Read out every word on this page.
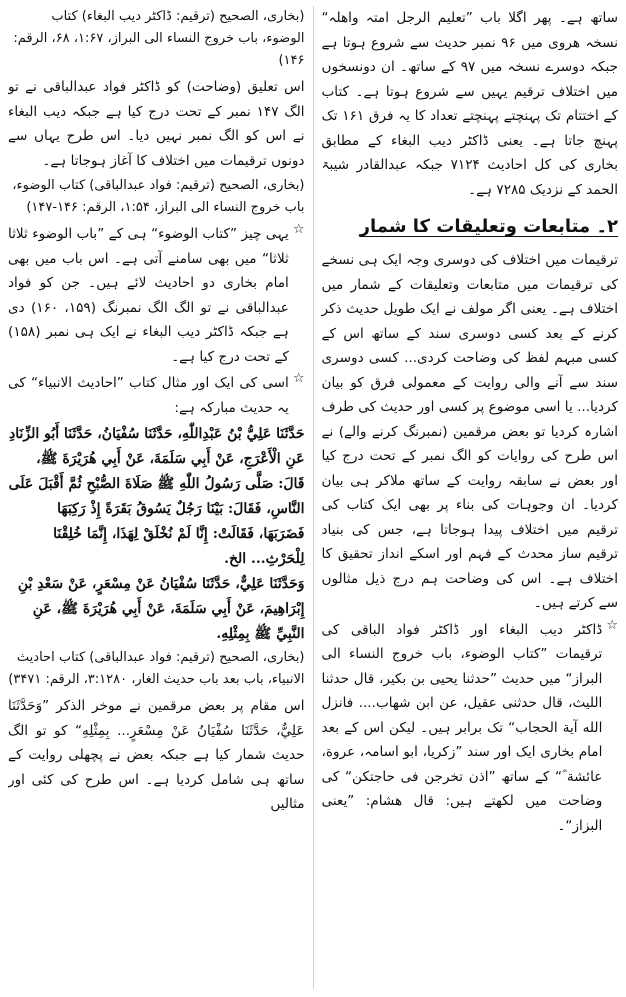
ساتھ ہے۔ پھر اگلا باب ”تعلیم الرجل امتہ واھلہ“ نسخہ هروی میں ۹۶ نمبر حدیث سے شروع ہوتا ہے جبکہ دوسرے نسخہ میں ۹۷ کے ساتھ۔ ان دونسخوں میں اختلاف ترقیم یہیں سے شروع ہوتا ہے۔ کتاب کے اختتام تک پہنچتے پہنچتے تعداد کا یہ فرق ۱۶۱ تک پہنچ جاتا ہے۔ یعنی ڈاکٹر دیب البغاء کے مطابق بخاری کی کل احادیث ۷۱۲۴ جبکہ عبدالقادر شیبۃ الحمد کے نزدیک ۷۲۸۵ ہے۔

۲۔ متابعات وتعلیقات کا شمار

ترقیمات میں اختلاف کی دوسری وجہ ایک ہی نسخے کی ترقیمات میں متابعات وتعلیقات کے شمار میں اختلاف ہے۔ یعنی اگر مولف نے ایک طویل حدیث ذکر کرنے کے بعد کسی دوسری سند کے ساتھ اس کے کسی مبہم لفظ کی وضاحت کردی... کسی دوسری سند سے آنے والی روایت کے معمولی فرق کو بیان کردیا... یا اسی موضوع پر کسی اور حدیث کی طرف اشارہ کردیا تو بعض مرقمین (نمبرنگ کرنے والے) نے اس طرح کی روایات کو الگ نمبر کے تحت درج کیا اور بعض نے سابقہ روایت کے ساتھ ملاکر ہی بیان کردیا۔ ان وجوہات کی بناء پر بھی ایک کتاب کی ترقیم میں اختلاف پیدا ہوجاتا ہے، جس کی بنیاد ترقیم ساز محدث کے فہم اور اسکے انداز تحقیق کا اختلاف ہے۔ اس کی وضاحت ہم درج ذیل مثالوں سے کرتے ہیں۔

☆

ڈاکٹر دیب البغاء اور ڈاکٹر فواد الباقی کی ترقیمات ”کتاب الوضوء، باب خروج النساء الی البراز“ میں حدیث ”حدثنا یحیی بن بکیر، قال حدثنا اللیث، قال حدثنی عقیل، عن ابن شھاب.... فانزل الله آیة الحجاب“ تک برابر ہیں۔ لیکن اس کے بعد امام بخاری ایک اور سند ”زکریا، ابو اسامہ، عروة، عائشة ؓ“ کے ساتھ ”اذن تخرجن فی حاجتکن“ کی وضاحت میں لکھتے ہیں: قال هشام: ”یعنی البزاز“۔

(بخاری، الصحیح (ترقیم: ڈاکٹر دیب البغاء) کتاب الوضوء، باب خروج النساء الی البراز، ۱:۶۷، ۶۸، الرقم: ۱۴۶)

اس تعلیق (وضاحت) کو ڈاکٹر فواد عبدالباقی نے تو الگ ۱۴۷ نمبر کے تحت درج کیا ہے جبکہ دیب البغاء نے اس کو الگ نمبر نہیں دیا۔ اس طرح یہاں سے دونوں ترقیمات میں اختلاف کا آغاز ہوجاتا ہے۔

(بخاری، الصحیح (ترقیم: فواد عبدالباقی) کتاب الوضوء، باب خروج النساء الی البراز، ۱:۵۴، الرقم: ۱۴۶-۱۴۷)

☆

یہی چیز ”کتاب الوضوء“ ہی کے ”باب الوضوء ثلاثا ثلاثا“ میں بھی سامنے آتی ہے۔ اس باب میں بھی امام بخاری دو احادیث لائے ہیں۔ جن کو فواد عبدالباقی نے تو الگ الگ نمبرنگ (۱۵۹، ۱۶۰) دی ہے جبکہ ڈاکٹر دیب البغاء نے ایک ہی نمبر (۱۵۸) کے تحت درج کیا ہے۔

☆

اسی کی ایک اور مثال کتاب ”احادیث الانبیاء“ کی یہ حدیث مبارکہ ہے:

حَدَّثَنَا عَلِيُّ بْنُ عَبْدِاللّٰهِ، حَدَّثَنَا سُفْيَانُ، حَدَّثَنَا أَبُو الزِّنَادِ عَنِ الْأَعْرَجِ، عَنْ أَبِي سَلَمَةَ، عَنْ أَبِي هُرَيْرَةَ ﷺ، قَالَ: صَلَّى رَسُولُ اللّٰهِ ﷺ صَلَاةَ الصُّبْحِ ثُمَّ أَقْبَلَ عَلَى النَّاسِ، فَقَالَ: بَيْنَا رَجُلٌ يَسُوقُ بَقَرَةً إِذْ رَكِبَهَا فَضَرَبَهَا، فَقَالَتْ: إِنَّا لَمْ نُخْلَقْ لِهَذَا، إِنَّمَا خُلِقْنَا لِلْحَرْثِ... الخ.

وَحَدَّثَنَا عَلِيٌّ، حَدَّثَنَا سُفْيَانُ عَنْ مِسْعَرٍ، عَنْ سَعْدِ بْنِ إِبْرَاهِيمَ، عَنْ أَبِي سَلَمَةَ، عَنْ أَبِي هُرَيْرَةَ ﷺ، عَنِ النَّبِيِّ ﷺ بِمِثْلِهِ.

(بخاری، الصحیح (ترقیم: فواد عبدالباقی) کتاب احادیث الانبیاء، باب بعد باب حدیث الغار، ۳:۱۲۸۰، الرقم: ۳۴۷۱)

اس مقام پر بعض مرقمین نے موخر الذکر ”وَحَدَّثَنَا عَلِيٌّ، حَدَّثَنَا سُفْيَانُ عَنْ مِسْعَرٍ... بِمِثْلِهِ“ کو تو الگ حدیث شمار کیا ہے جبکہ بعض نے پچھلی روایت کے ساتھ ہی شامل کردیا ہے۔ اس طرح کی کئی اور مثالیں
